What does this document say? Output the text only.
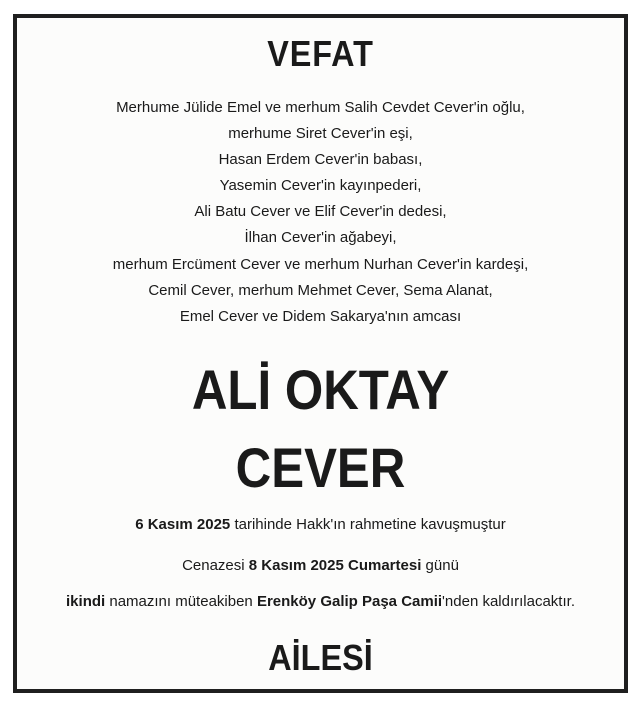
VEFAT
Merhume Jülide Emel ve merhum Salih Cevdet Cever'in oğlu,
merhume Siret Cever'in eşi,
Hasan Erdem Cever'in babası,
Yasemin Cever'in kayınpederi,
Ali Batu Cever ve Elif Cever'in dedesi,
İlhan Cever'in ağabeyi,
merhum Ercüment Cever ve merhum Nurhan Cever'in kardeşi,
Cemil Cever, merhum Mehmet Cever, Sema Alanat,
Emel Cever ve Didem Sakarya'nın amcası
ALİ OKTAY
CEVER
6 Kasım 2025 tarihinde Hakk'ın rahmetine kavuşmuştur
Cenazesi 8 Kasım 2025 Cumartesi günü
ikindi namazını müteakiben Erenköy Galip Paşa Camii'nden kaldırılacaktır.
AİLESİ
